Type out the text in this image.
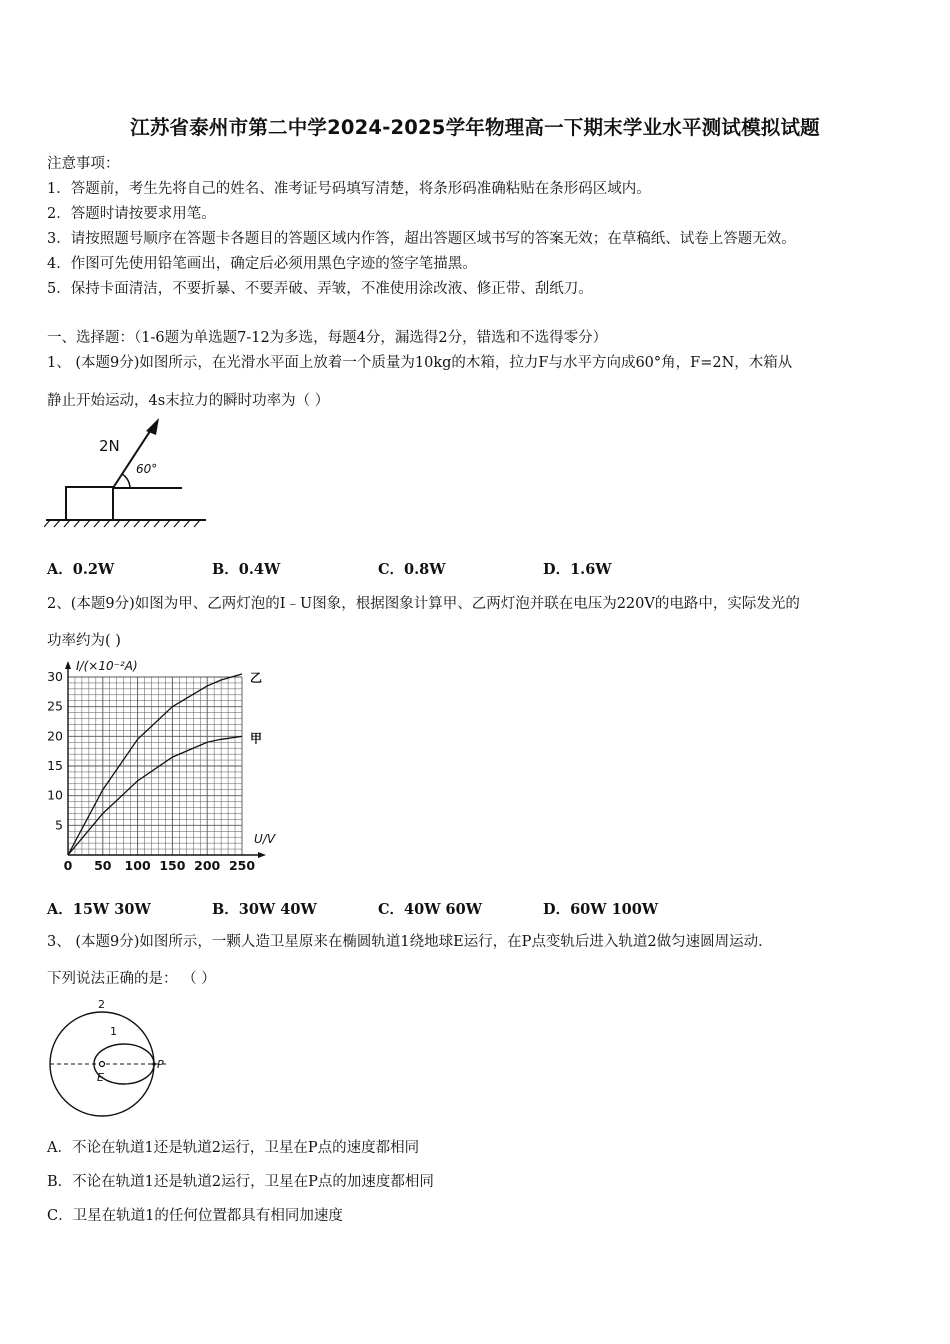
江苏省泰州市第二中学2024-2025学年物理高一下期末学业水平测试模拟试题
注意事项：
1．答题前，考生先将自己的姓名、准考证号码填写清楚，将条形码准确粘贴在条形码区域内。
2．答题时请按要求用笔。
3．请按照题号顺序在答题卡各题目的答题区域内作答，超出答题区域书写的答案无效；在草稿纸、试卷上答题无效。
4．作图可先使用铅笔画出，确定后必须用黑色字迹的签字笔描黑。
5．保持卡面清洁，不要折暴、不要弄破、弄皱，不准使用涂改液、修正带、刮纸刀。
一、选择题：（1-6题为单选题7-12为多选，每题4分，漏选得2分，错选和不选得零分）
1、 (本题9分)如图所示，在光滑水平面上放着一个质量为10kg的木箱，拉力F与水平方向成60°角，F=2N，木箱从
静止开始运动，4s末拉力的瞬时功率为（ ）
2N
60°
A．0.2W	B．0.4W	C．0.8W	D．1.6W
2、(本题9分)如图为甲、乙两灯泡的I﹣U图象，根据图象计算甲、乙两灯泡并联在电压为220V的电路中，实际发光的
功率约为( )
乙
甲
0 50 100 150 200 250
5
10
15
20
25
30
U/V
I/(×10⁻²A)
A．15W 30W	B．30W 40W	C．40W 60W	D．60W 100W
3、 (本题9分)如图所示，一颗人造卫星原来在椭圆轨道1绕地球E运行，在P点变轨后进入轨道2做匀速圆周运动．
下列说法正确的是： （ ）
2
1
E
P
A．不论在轨道1还是轨道2运行，卫星在P点的速度都相同
B．不论在轨道1还是轨道2运行，卫星在P点的加速度都相同
C．卫星在轨道1的任何位置都具有相同加速度
